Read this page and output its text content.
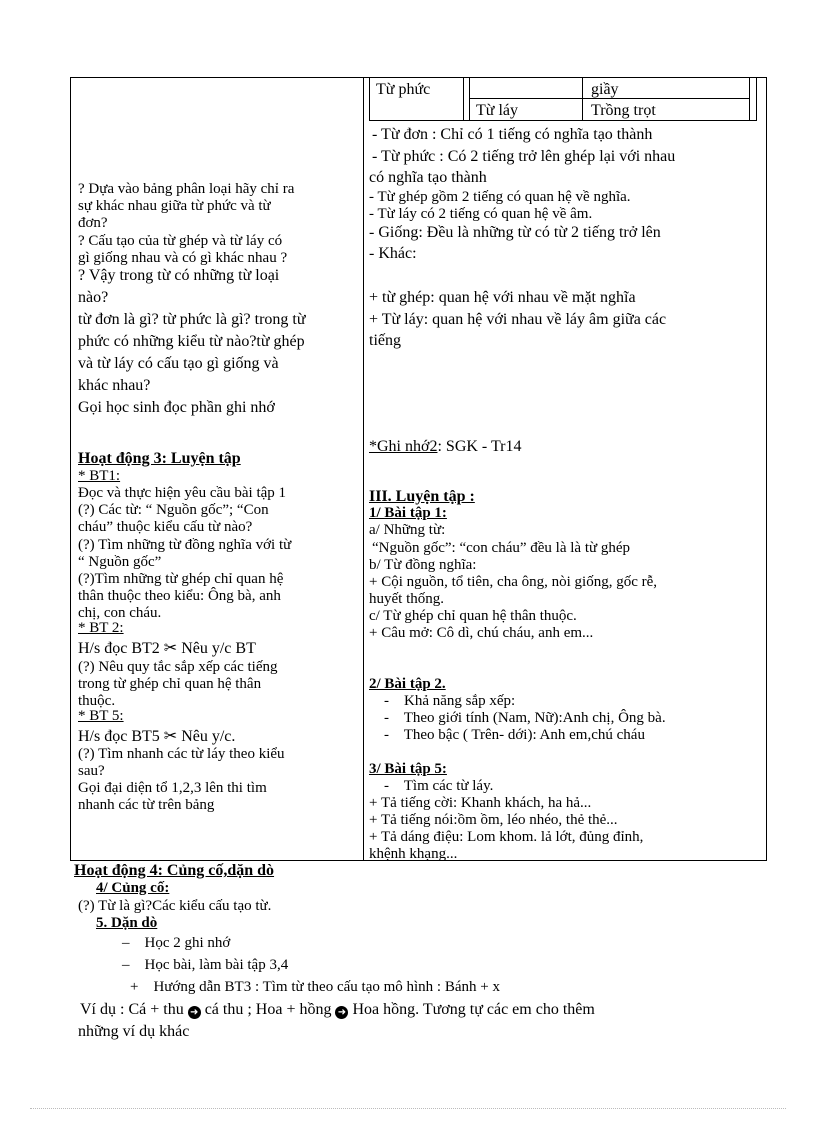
Từ phức	giầy
Từ láy	Trồng trọt
? Dựa vào bảng phân loại hãy chỉ ra
sự khác nhau giữa từ phức và từ
đơn?
? Cấu tạo của từ ghép và từ láy có
gì giống nhau và có gì khác nhau ?
? Vậy trong từ có những từ loại
nào?
từ đơn là gì? từ phức là gì? trong từ
phức có những kiểu từ nào?từ ghép
và từ láy có cấu tạo gì giống và
khác nhau?
Gọi học sinh đọc phần ghi nhớ
Hoạt động 3: Luyện tập
* BT1:
Đọc và thực hiện yêu cầu bài tập 1
(?) Các từ: “ Nguồn gốc”; “Con
cháu” thuộc kiểu cấu từ nào?
(?) Tìm những từ đồng nghĩa với từ
“ Nguồn gốc”
(?)Tìm những từ ghép chỉ quan hệ
thân thuộc theo kiểu: Ông bà, anh
chị, con cháu.
* BT 2:
H/s đọc BT2 ✂ Nêu y/c BT
(?) Nêu quy tắc sắp xếp các tiếng
trong từ ghép chỉ quan hệ thân
thuộc.
* BT 5:
H/s đọc BT5 ✂ Nêu y/c.
(?) Tìm nhanh các từ láy theo kiểu
sau?
Gọi đại diện tổ 1,2,3 lên thi tìm
nhanh các từ trên bảng
- Từ đơn : Chỉ có 1 tiếng có nghĩa tạo thành
- Từ phức : Có 2 tiếng trở lên ghép lại với nhau
có nghĩa tạo thành
- Từ ghép gồm 2 tiếng có quan hệ về nghĩa.
- Từ láy có 2 tiếng có quan hệ về âm.
- Giống: Đều là những từ có từ 2 tiếng trở lên
- Khác:
+ từ ghép: quan hệ với nhau về mặt nghĩa
+ Từ láy: quan hệ với nhau về láy âm giữa các
tiếng
*Ghi nhớ2: SGK - Tr14
III. Luyện tập :
1/ Bài tập 1:
a/ Những từ:
“Nguồn gốc”: “con cháu” đều là là từ ghép
b/ Từ đồng nghĩa:
+ Cội nguồn, tổ tiên, cha ông, nòi giống, gốc rễ,
huyết thống.
c/ Từ ghép chỉ quan hệ thân thuộc.
+ Câu mở: Cô dì, chú cháu, anh em...
2/ Bài tập 2.
-    Khả năng sắp xếp:
-    Theo giới tính (Nam, Nữ):Anh chị, Ông bà.
-    Theo bậc ( Trên- dới): Anh em,chú cháu
3/ Bài tập 5:
-    Tìm các từ láy.
+ Tả tiếng cời: Khanh khách, ha hả...
+ Tả tiếng nói:ồm ồm, léo nhéo, thẻ thẻ...
+ Tả dáng điệu: Lom khom. lả lớt, đủng đỉnh,
khệnh khạng...
Hoạt động 4: Củng cố,dặn dò
4/ Củng cố:
(?) Từ là gì?Các kiểu cấu tạo từ.
5. Dặn dò
–    Học 2 ghi nhớ
–    Học bài, làm bài tập 3,4
+    Hướng dẫn BT3 : Tìm từ theo cấu tạo mô hình : Bánh + x
Ví dụ : Cá + thu ➜ cá thu ; Hoa + hồng ➜ Hoa hồng. Tương tự các em cho thêm
những ví dụ khác
